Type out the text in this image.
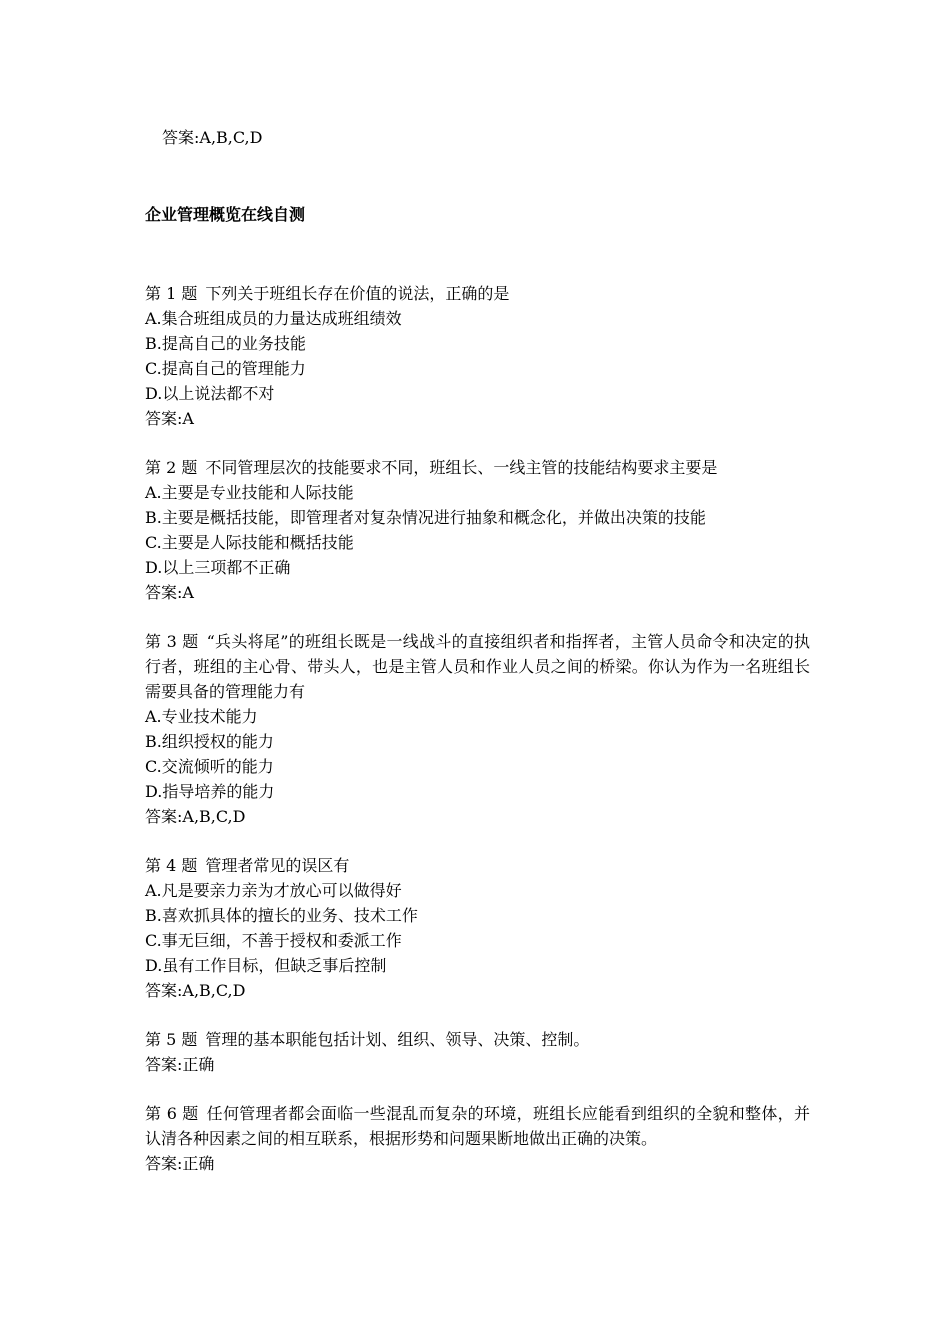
答案:A,B,C,D
企业管理概览在线自测
第 1 题 下列关于班组长存在价值的说法，正确的是
A.集合班组成员的力量达成班组绩效
B.提高自己的业务技能
C.提高自己的管理能力
D.以上说法都不对
答案:A
第 2 题 不同管理层次的技能要求不同，班组长、一线主管的技能结构要求主要是
A.主要是专业技能和人际技能
B.主要是概括技能，即管理者对复杂情况进行抽象和概念化，并做出决策的技能
C.主要是人际技能和概括技能
D.以上三项都不正确
答案:A
第 3 题 “兵头将尾”的班组长既是一线战斗的直接组织者和指挥者，主管人员命令和决定的执行者，班组的主心骨、带头人，也是主管人员和作业人员之间的桥梁。你认为作为一名班组长需要具备的管理能力有
A.专业技术能力
B.组织授权的能力
C.交流倾听的能力
D.指导培养的能力
答案:A,B,C,D
第 4 题 管理者常见的误区有
A.凡是要亲力亲为才放心可以做得好
B.喜欢抓具体的擅长的业务、技术工作
C.事无巨细，不善于授权和委派工作
D.虽有工作目标，但缺乏事后控制
答案:A,B,C,D
第 5 题 管理的基本职能包括计划、组织、领导、决策、控制。
答案:正确
第 6 题 任何管理者都会面临一些混乱而复杂的环境，班组长应能看到组织的全貌和整体，并认清各种因素之间的相互联系，根据形势和问题果断地做出正确的决策。
答案:正确
